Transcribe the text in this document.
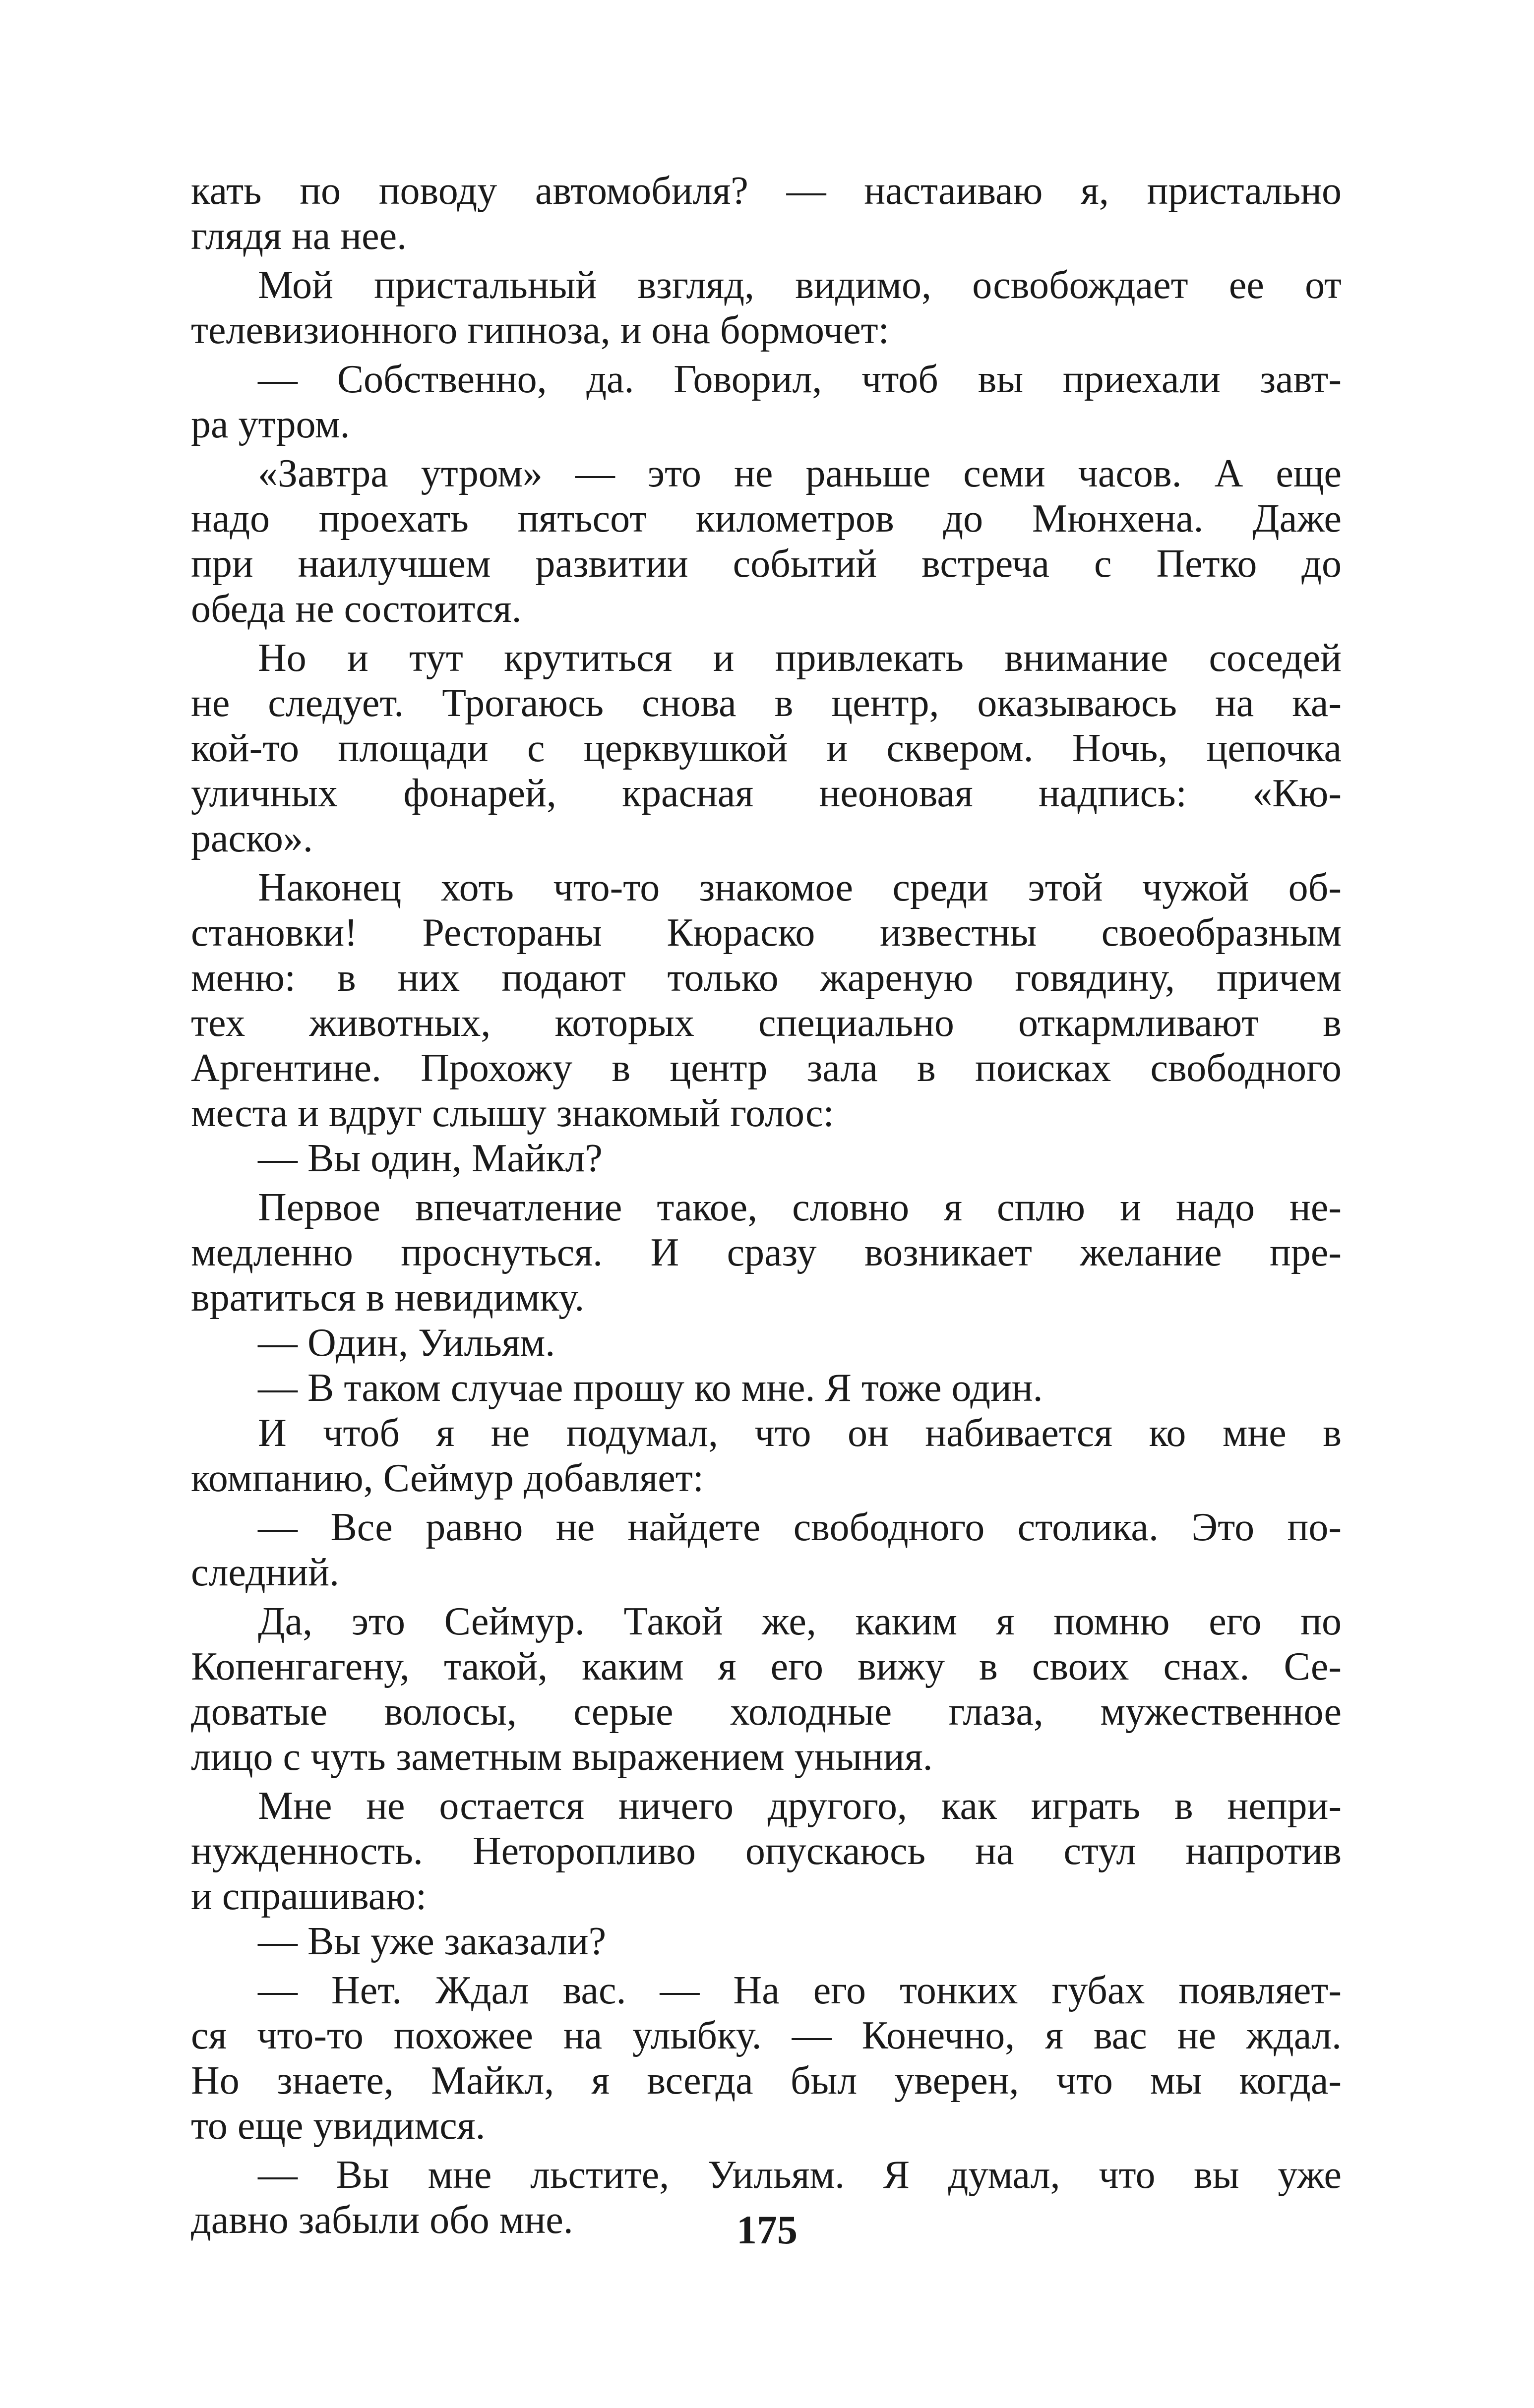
кать по поводу автомобиля? — настаиваю я, пристально
глядя на нее.
Мой пристальный взгляд, видимо, освобождает ее от
телевизионного гипноза, и она бормочет:
— Собственно, да. Говорил, чтоб вы приехали завт-
ра утром.
«Завтра утром» — это не раньше семи часов. А еще
надо проехать пятьсот километров до Мюнхена. Даже
при наилучшем развитии событий встреча с Петко до
обеда не состоится.
Но и тут крутиться и привлекать внимание соседей
не следует. Трогаюсь снова в центр, оказываюсь на ка-
кой-то площади с церквушкой и сквером. Ночь, цепочка
уличных фонарей, красная неоновая надпись: «Кю-
раско».
Наконец хоть что-то знакомое среди этой чужой об-
становки! Рестораны Кюраско известны своеобразным
меню: в них подают только жареную говядину, причем
тех животных, которых специально откармливают в
Аргентине. Прохожу в центр зала в поисках свободного
места и вдруг слышу знакомый голос:
— Вы один, Майкл?
Первое впечатление такое, словно я сплю и надо не-
медленно проснуться. И сразу возникает желание пре-
вратиться в невидимку.
— Один, Уильям.
— В таком случае прошу ко мне. Я тоже один.
И чтоб я не подумал, что он набивается ко мне в
компанию, Сеймур добавляет:
— Все равно не найдете свободного столика. Это по-
следний.
Да, это Сеймур. Такой же, каким я помню его по
Копенгагену, такой, каким я его вижу в своих снах. Се-
доватые волосы, серые холодные глаза, мужественное
лицо с чуть заметным выражением уныния.
Мне не остается ничего другого, как играть в непри-
нужденность. Неторопливо опускаюсь на стул напротив
и спрашиваю:
— Вы уже заказали?
— Нет. Ждал вас. — На его тонких губах появляет-
ся что-то похожее на улыбку. — Конечно, я вас не ждал.
Но знаете, Майкл, я всегда был уверен, что мы когда-
то еще увидимся.
— Вы мне льстите, Уильям. Я думал, что вы уже
давно забыли обо мне.	175
